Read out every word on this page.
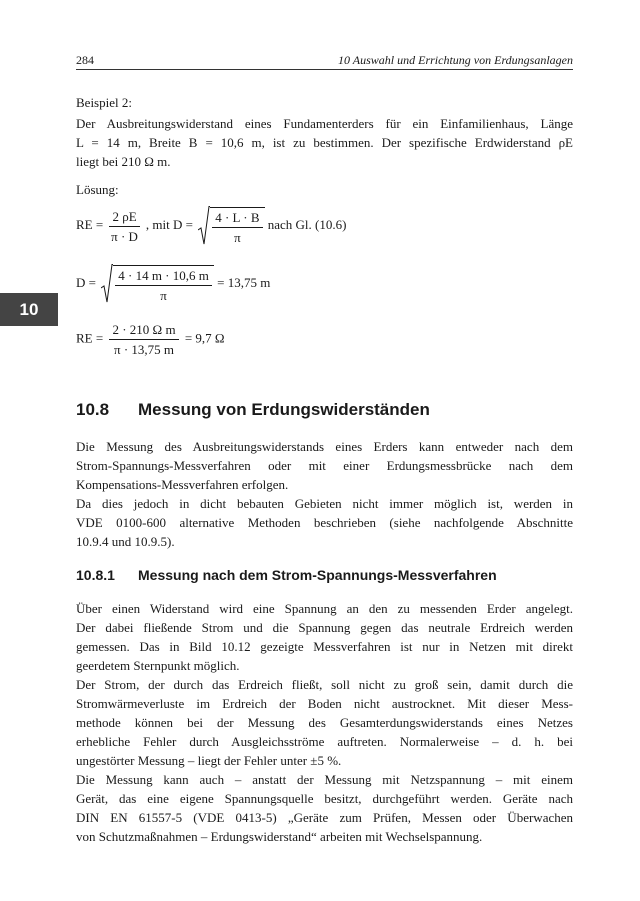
284	10 Auswahl und Errichtung von Erdungsanlagen
10
Beispiel 2:
Der Ausbreitungswiderstand eines Fundamenterders für ein Einfamilienhaus, Länge
L = 14 m, Breite B = 10,6 m, ist zu bestimmen. Der spezifische Erdwiderstand ρE
liegt bei 210 Ω m.
Lösung:
RE = $\frac{2 \rho E}{\pi \cdot D}$ , mit $D = \frac{4 \cdot L \cdot B}{\pi}$ nach Gl. (10.6)
$D = \frac{4 \cdot 14 m \cdot 10,6 m}{\pi} = 13,75$ m
RE = $\frac{\text{2 · 210 Ω m}}{\pi \cdot 13,75 m} = 9,7$ Ω
10.8 Messung von Erdungswiderständen
Die Messung des Ausbreitungswiderstands eines Erders kann entweder nach dem
Strom-Spannungs-Messverfahren oder mit einer Erdungsmessbrücke nach dem
Kompensations-Messverfahren erfolgen.
Da dies jedoch in dicht bebauten Gebieten nicht immer möglich ist, werden in
VDE 0100-600 alternative Methoden beschrieben (siehe nachfolgende Abschnitte
10.9.4 und 10.9.5).
10.8.1 Messung nach dem Strom-Spannungs-Messverfahren
Über einen Widerstand wird eine Spannung an den zu messenden Erder angelegt.
Der dabei fließende Strom und die Spannung gegen das neutrale Erdreich werden
gemessen. Das in Bild 10.12 gezeigte Messverfahren ist nur in Netzen mit direkt
geerdetem Sternpunkt möglich.
Der Strom, der durch das Erdreich fließt, soll nicht zu groß sein, damit durch die
Stromwärmeverluste im Erdreich der Boden nicht austrocknet. Mit dieser Mess-
methode können bei der Messung des Gesamterdungswiderstands eines Netzes
erhebliche Fehler durch Ausgleichsströme auftreten. Normalerweise – d. h. bei
ungestörter Messung – liegt der Fehler unter ±5 %.
Die Messung kann auch – anstatt der Messung mit Netzspannung – mit einem
Gerät, das eine eigene Spannungsquelle besitzt, durchgeführt werden. Geräte nach
DIN EN 61557-5 (VDE 0413-5) „Geräte zum Prüfen, Messen oder Überwachen
von Schutzmaßnahmen – Erdungswiderstand“ arbeiten mit Wechselspannung.
